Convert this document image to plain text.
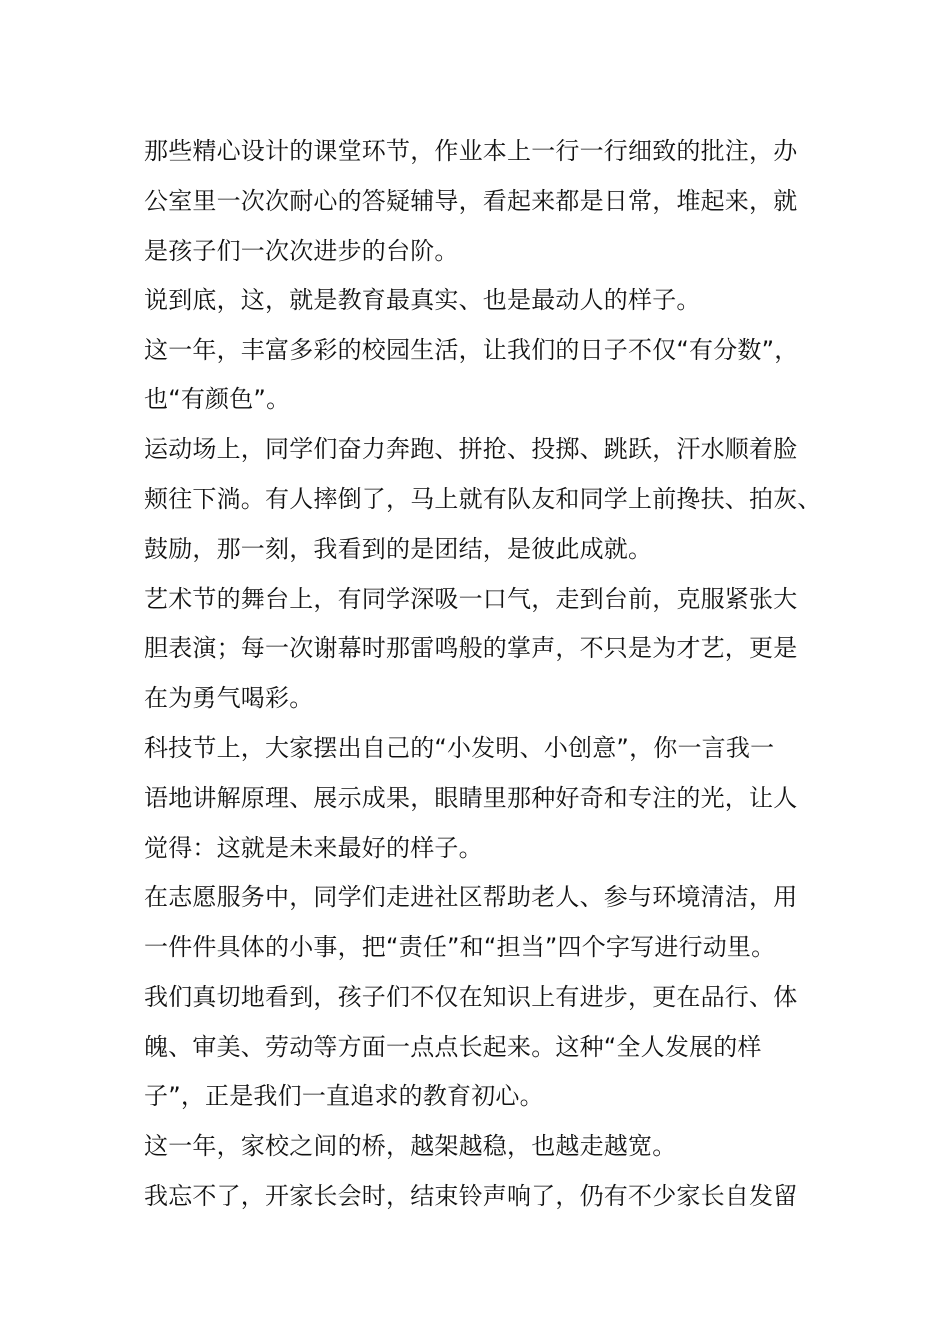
那些精心设计的课堂环节，作业本上一行一行细致的批注，办
公室里一次次耐心的答疑辅导，看起来都是日常，堆起来，就
是孩子们一次次进步的台阶。
说到底，这，就是教育最真实、也是最动人的样子。
这一年，丰富多彩的校园生活，让我们的日子不仅“有分数”，
也“有颜色”。
运动场上，同学们奋力奔跑、拼抢、投掷、跳跃，汗水顺着脸
颊往下淌。有人摔倒了，马上就有队友和同学上前搀扶、拍灰、
鼓励，那一刻，我看到的是团结，是彼此成就。
艺术节的舞台上，有同学深吸一口气，走到台前，克服紧张大
胆表演；每一次谢幕时那雷鸣般的掌声，不只是为才艺，更是
在为勇气喝彩。
科技节上，大家摆出自己的“小发明、小创意”，你一言我一
语地讲解原理、展示成果，眼睛里那种好奇和专注的光，让人
觉得：这就是未来最好的样子。
在志愿服务中，同学们走进社区帮助老人、参与环境清洁，用
一件件具体的小事，把“责任”和“担当”四个字写进行动里。
我们真切地看到，孩子们不仅在知识上有进步，更在品行、体
魄、审美、劳动等方面一点点长起来。这种“全人发展的样
子”，正是我们一直追求的教育初心。
这一年，家校之间的桥，越架越稳，也越走越宽。
我忘不了，开家长会时，结束铃声响了，仍有不少家长自发留
